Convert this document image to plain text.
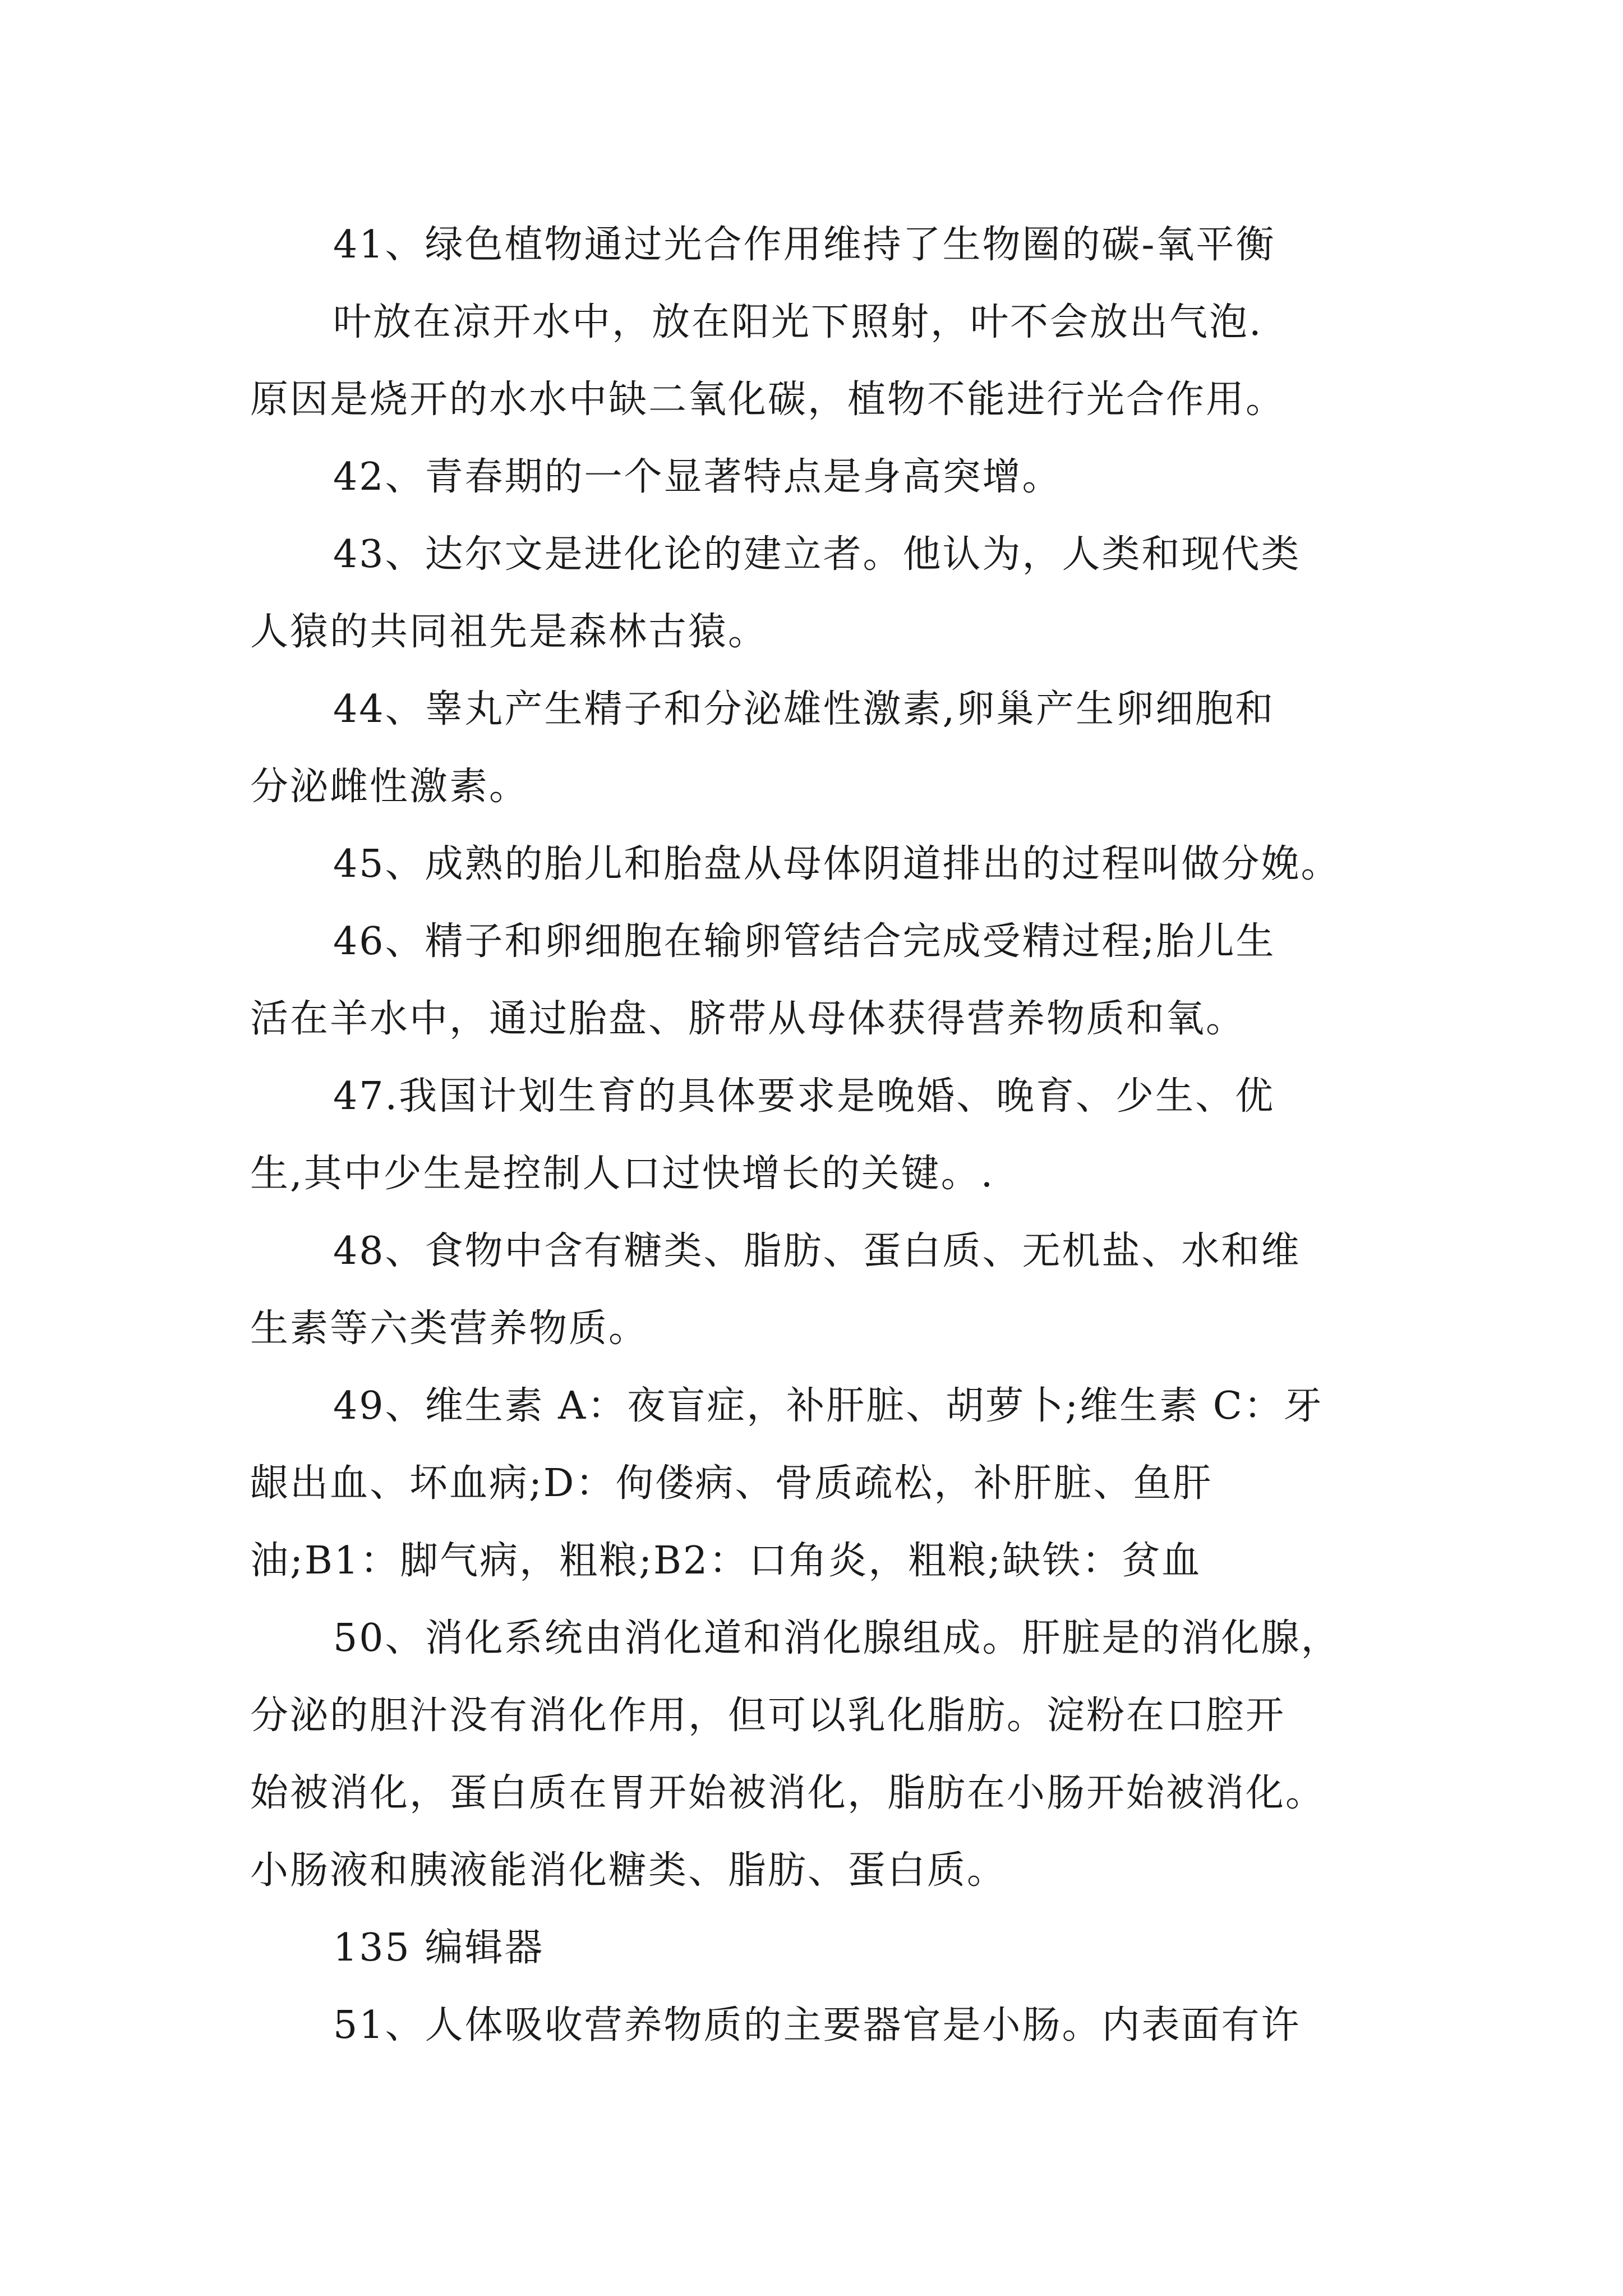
41、绿色植物通过光合作用维持了生物圈的碳-氧平衡
叶放在凉开水中，放在阳光下照射，叶不会放出气泡.
原因是烧开的水水中缺二氧化碳，植物不能进行光合作用。
42、青春期的一个显著特点是身高突增。
43、达尔文是进化论的建立者。他认为，人类和现代类
人猿的共同祖先是森林古猿。
44、睾丸产生精子和分泌雄性激素,卵巢产生卵细胞和
分泌雌性激素。
45、成熟的胎儿和胎盘从母体阴道排出的过程叫做分娩。
46、精子和卵细胞在输卵管结合完成受精过程;胎儿生
活在羊水中，通过胎盘、脐带从母体获得营养物质和氧。
47.我国计划生育的具体要求是晚婚、晚育、少生、优
生,其中少生是控制人口过快增长的关键。.
48、食物中含有糖类、脂肪、蛋白质、无机盐、水和维
生素等六类营养物质。
49、维生素 A：夜盲症，补肝脏、胡萝卜;维生素 C：牙
龈出血、坏血病;D：佝偻病、骨质疏松，补肝脏、鱼肝
油;B1：脚气病，粗粮;B2：口角炎，粗粮;缺铁：贫血
50、消化系统由消化道和消化腺组成。肝脏是的消化腺，
分泌的胆汁没有消化作用，但可以乳化脂肪。淀粉在口腔开
始被消化，蛋白质在胃开始被消化，脂肪在小肠开始被消化。
小肠液和胰液能消化糖类、脂肪、蛋白质。
135 编辑器
51、人体吸收营养物质的主要器官是小肠。内表面有许
